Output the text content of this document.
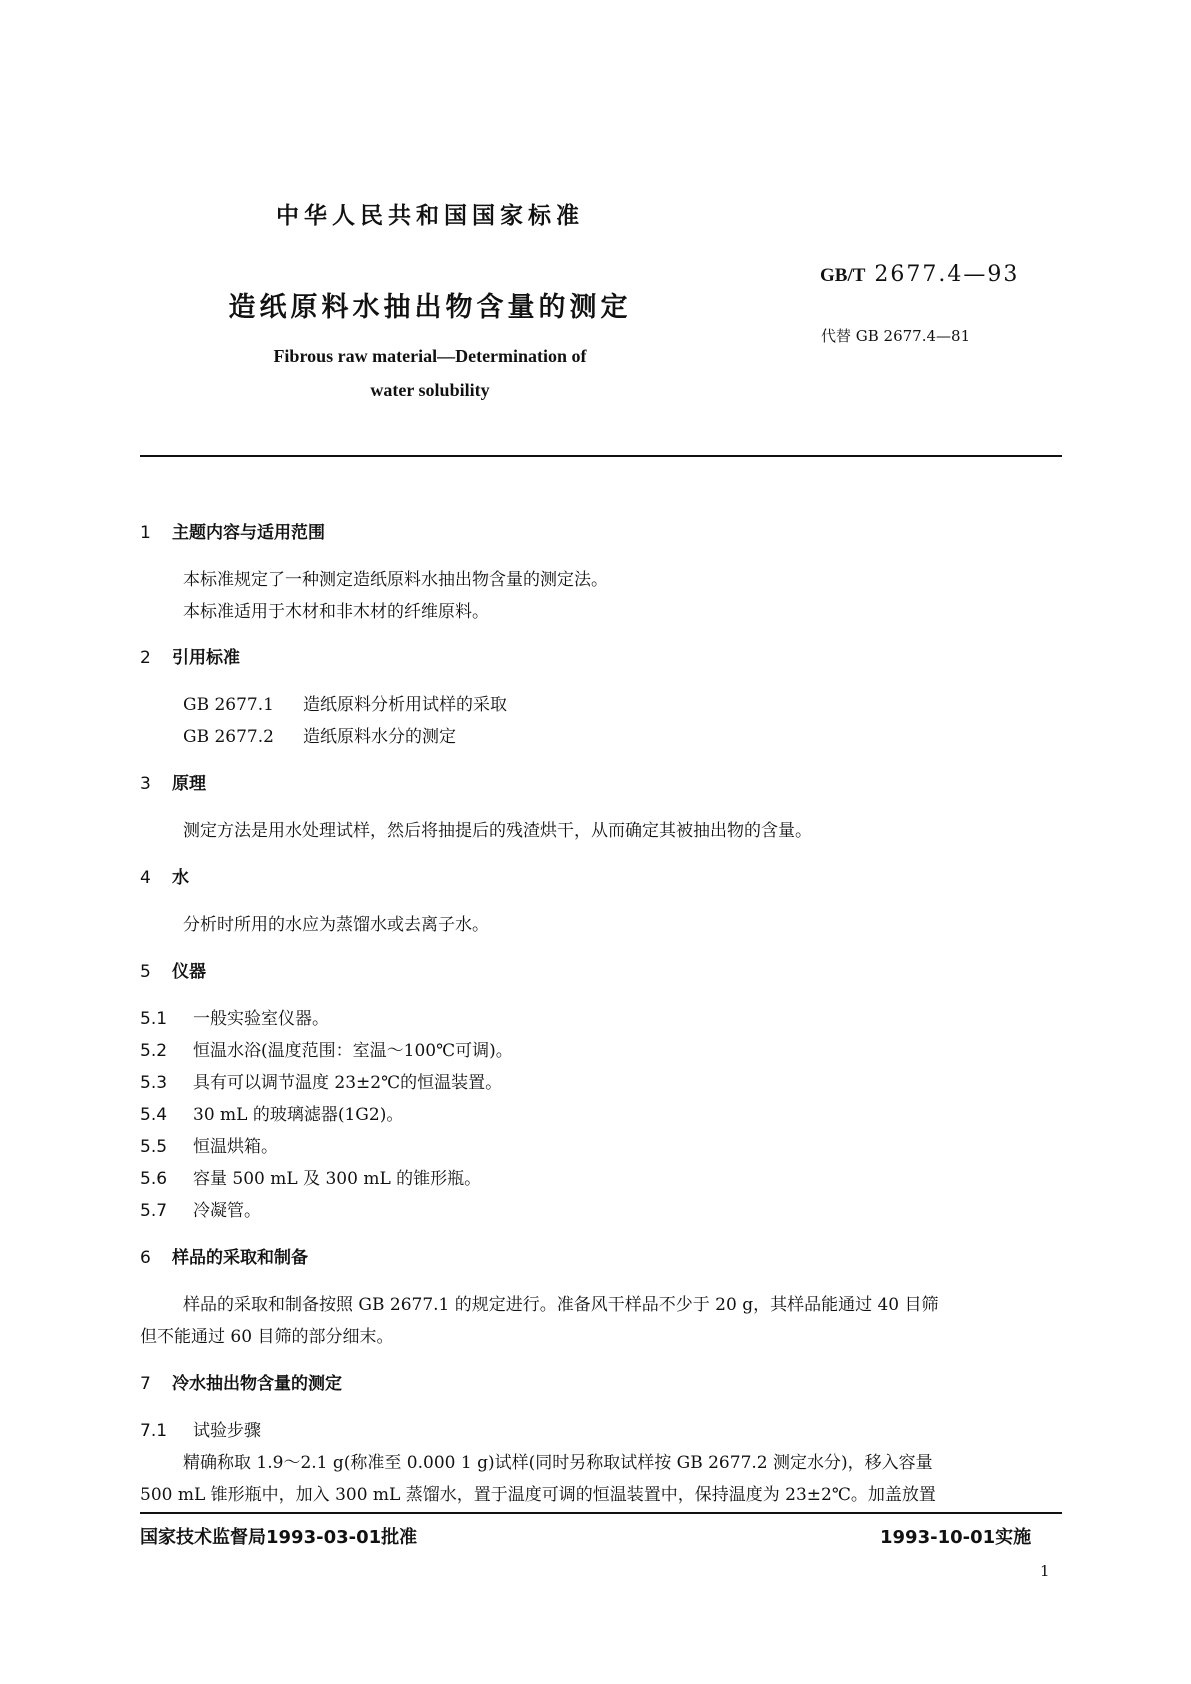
中华人民共和国国家标准
GB/T 2677.4—93
造纸原料水抽出物含量的测定
代替 GB 2677.4—81
Fibrous raw material—Determination of
water solubility
1 主题内容与适用范围
本标准规定了一种测定造纸原料水抽出物含量的测定法。
本标准适用于木材和非木材的纤维原料。
2 引用标准
GB 2677.1 造纸原料分析用试样的采取
GB 2677.2 造纸原料水分的测定
3 原理
测定方法是用水处理试样，然后将抽提后的残渣烘干，从而确定其被抽出物的含量。
4 水
分析时所用的水应为蒸馏水或去离子水。
5 仪器
5.1 一般实验室仪器。
5.2 恒温水浴(温度范围：室温～100℃可调)。
5.3 具有可以调节温度 23±2℃的恒温装置。
5.4 30 mL 的玻璃滤器(1G2)。
5.5 恒温烘箱。
5.6 容量 500 mL 及 300 mL 的锥形瓶。
5.7 冷凝管。
6 样品的采取和制备
样品的采取和制备按照 GB 2677.1 的规定进行。准备风干样品不少于 20 g，其样品能通过 40 目筛
但不能通过 60 目筛的部分细末。
7 冷水抽出物含量的测定
7.1 试验步骤
精确称取 1.9～2.1 g(称准至 0.000 1 g)试样(同时另称取试样按 GB 2677.2 测定水分)，移入容量
500 mL 锥形瓶中，加入 300 mL 蒸馏水，置于温度可调的恒温装置中，保持温度为 23±2℃。加盖放置
国家技术监督局1993-03-01批准	1993-10-01实施
1
